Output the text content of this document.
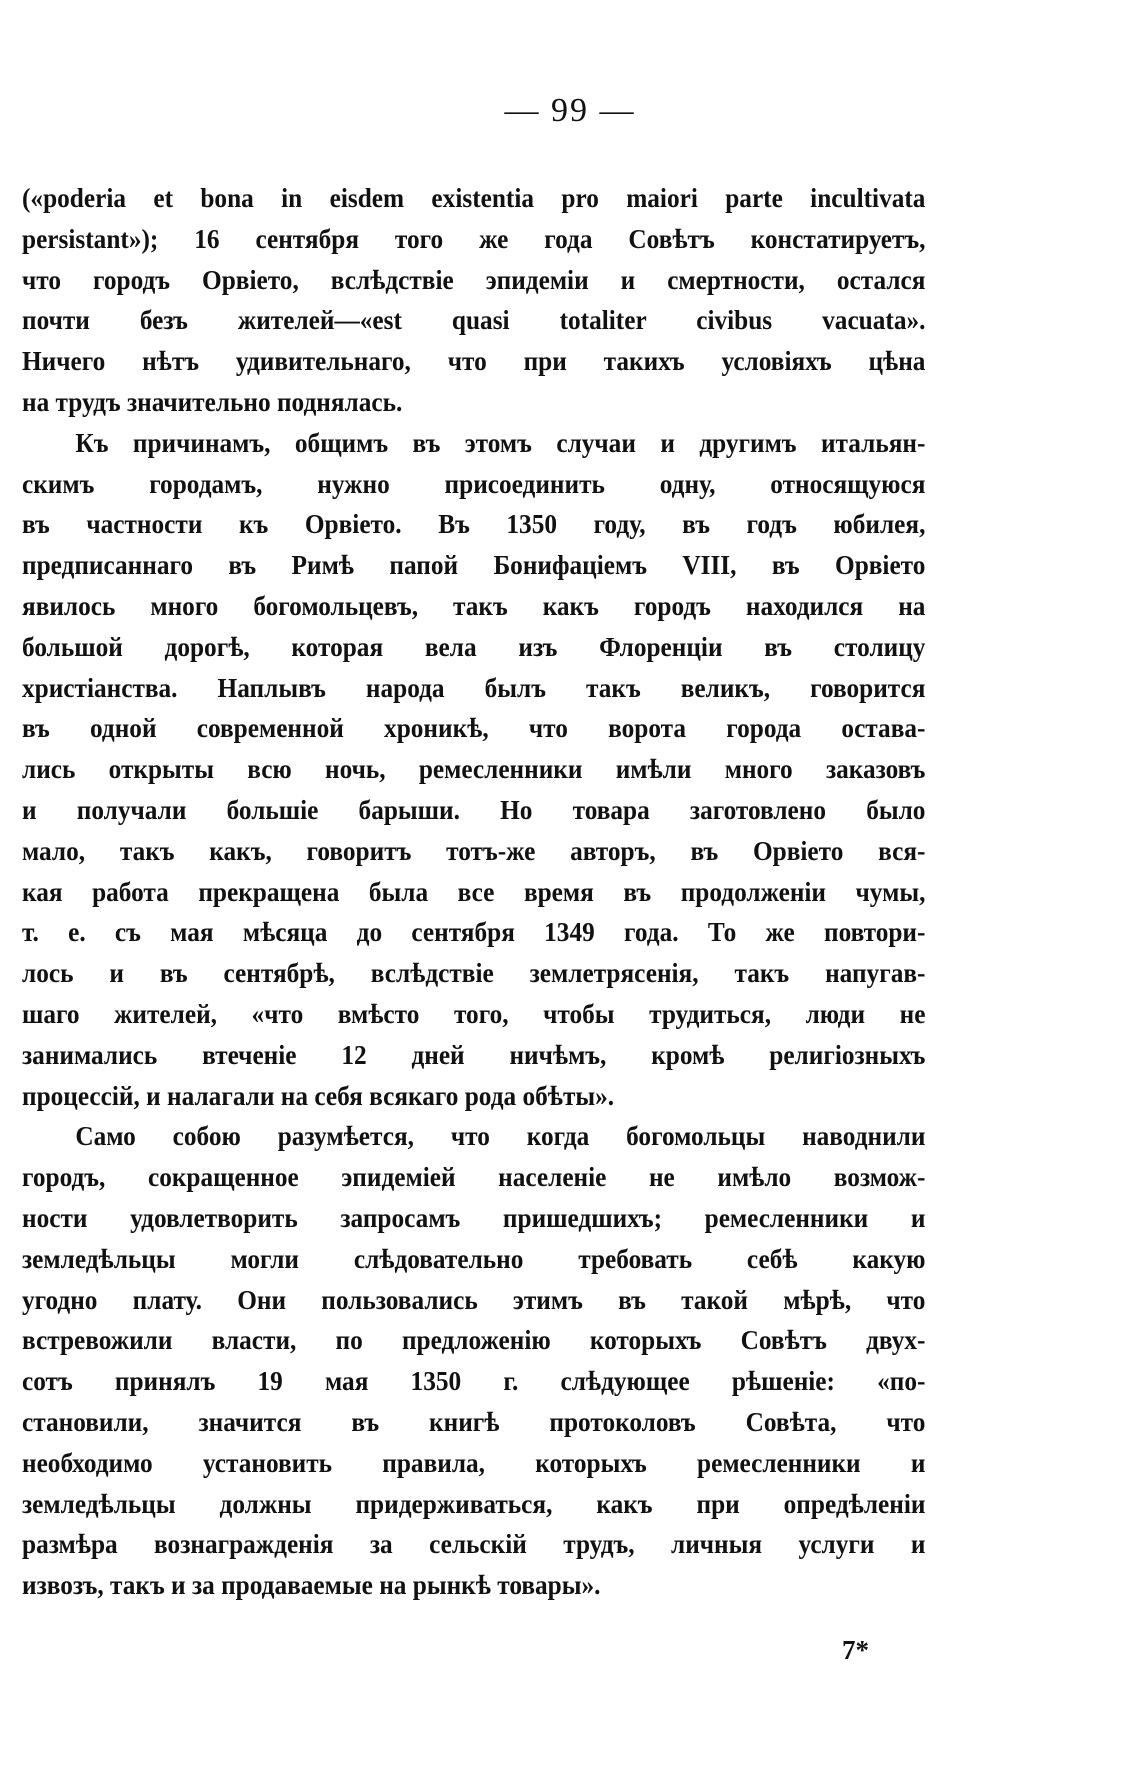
— 99 —
(«poderia et bona in eisdem existentia pro maiori parte incultivata
persistant»); 16 сентября того же года Совѣтъ констатируетъ,
что городъ Орвіето, вслѣдствіе эпидеміи и смертности, остался
почти безъ жителей—«est quasi totaliter civibus vacuata».
Ничего нѣтъ удивительнаго, что при такихъ условіяхъ цѣна
на трудъ значительно поднялась.
Къ причинамъ, общимъ въ этомъ случаи и другимъ итальян-
скимъ городамъ, нужно присоединить одну, относящуюся
въ частности къ Орвіето. Въ 1350 году, въ годъ юбилея,
предписаннаго въ Римѣ папой Бонифаціемъ VIII, въ Орвіето
явилось много богомольцевъ, такъ какъ городъ находился на
большой дорогѣ, которая вела изъ Флоренціи въ столицу
христіанства. Наплывъ народа былъ такъ великъ, говорится
въ одной современной хроникѣ, что ворота города остава-
лись открыты всю ночь, ремесленники имѣли много заказовъ
и получали большіе барыши. Но товара заготовлено было
мало, такъ какъ, говоритъ тотъ-же авторъ, въ Орвіето вся-
кая работа прекращена была все время въ продолженіи чумы,
т. е. съ мая мѣсяца до сентября 1349 года. То же повтори-
лось и въ сентябрѣ, вслѣдствіе землетрясенія, такъ напугав-
шаго жителей, «что вмѣсто того, чтобы трудиться, люди не
занимались втеченіе 12 дней ничѣмъ, кромѣ религіозныхъ
процессій, и налагали на себя всякаго рода обѣты».
Само собою разумѣется, что когда богомольцы наводнили
городъ, сокращенное эпидеміей населеніе не имѣло возмож-
ности удовлетворить запросамъ пришедшихъ; ремесленники и
земледѣльцы могли слѣдовательно требовать себѣ какую
угодно плату. Они пользовались этимъ въ такой мѣрѣ, что
встревожили власти, по предложенію которыхъ Совѣтъ двух-
сотъ принялъ 19 мая 1350 г. слѣдующее рѣшеніе: «по-
становили, значится въ книгѣ протоколовъ Совѣта, что
необходимо установить правила, которыхъ ремесленники и
земледѣльцы должны придерживаться, какъ при опредѣленіи
размѣра вознагражденія за сельскій трудъ, личныя услуги и
извозъ, такъ и за продаваемые на рынкѣ товары».
7*
